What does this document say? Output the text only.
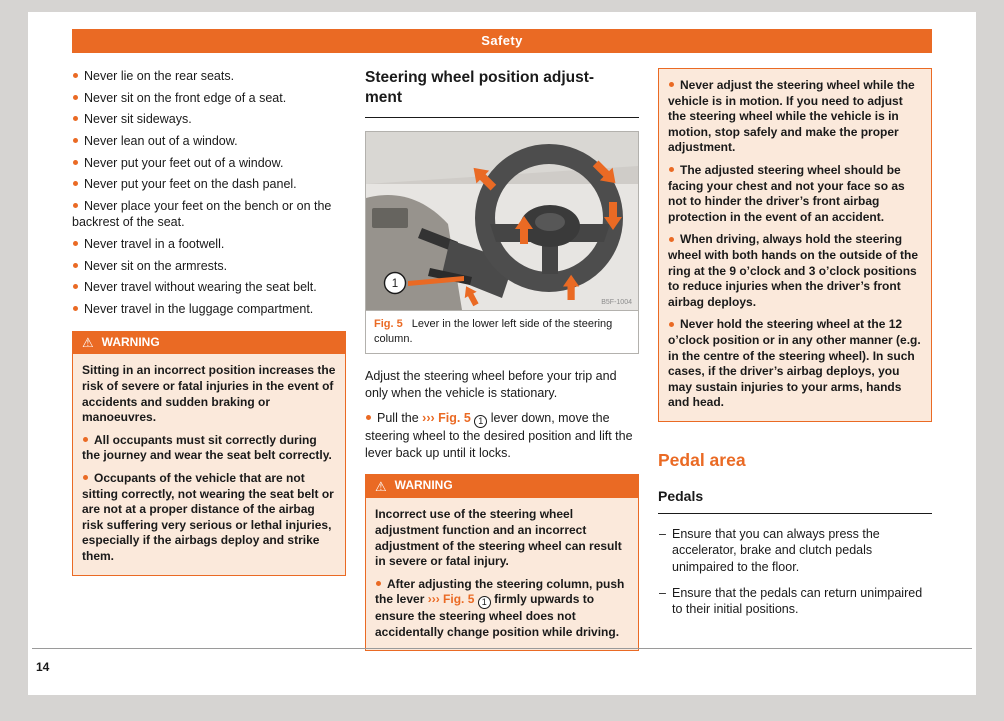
Safety

Never lie on the rear seats.

Never sit on the front edge of a seat.

Never sit sideways.

Never lean out of a window.

Never put your feet out of a window.

Never put your feet on the dash panel.

Never place your feet on the bench or on the backrest of the seat.

Never travel in a footwell.

Never sit on the armrests.

Never travel without wearing the seat belt.

Never travel in the luggage compartment.

⚠ WARNING

Sitting in an incorrect position increases the risk of severe or fatal injuries in the event of accidents and sudden braking or manoeuvres.

All occupants must sit correctly during the journey and wear the seat belt correctly.

Occupants of the vehicle that are not sitting correctly, not wearing the seat belt or are not at a proper distance of the airbag risk suffering very serious or lethal injuries, especially if the airbags deploy and strike them.

Steering wheel position adjust-
ment
1
B5F-1004
Fig. 5 Lever in the lower left side of the steering column.

Adjust the steering wheel before your trip and only when the vehicle is stationary.

Pull the ››› Fig. 5 1 lever down, move the steering wheel to the desired position and lift the lever back up until it locks.

⚠ WARNING

Incorrect use of the steering wheel adjustment function and an incorrect adjustment of the steering wheel can result in severe or fatal injury.

After adjusting the steering column, push the lever ››› Fig. 5 1 firmly upwards to ensure the steering wheel does not accidentally change position while driving.

Never adjust the steering wheel while the vehicle is in motion. If you need to adjust the steering wheel while the vehicle is in motion, stop safely and make the proper adjustment.

The adjusted steering wheel should be facing your chest and not your face so as not to hinder the driver’s front airbag protection in the event of an accident.

When driving, always hold the steering wheel with both hands on the outside of the ring at the 9 o’clock and 3 o’clock positions to reduce injuries when the driver’s front airbag deploys.

Never hold the steering wheel at the 12 o’clock position or in any other manner (e.g. in the centre of the steering wheel). In such cases, if the driver’s airbag deploys, you may sustain injuries to your arms, hands and head.

Pedal area
Pedals

– Ensure that you can always press the accelerator, brake and clutch pedals unimpaired to the floor.

– Ensure that the pedals can return unimpaired to their initial positions.

14
